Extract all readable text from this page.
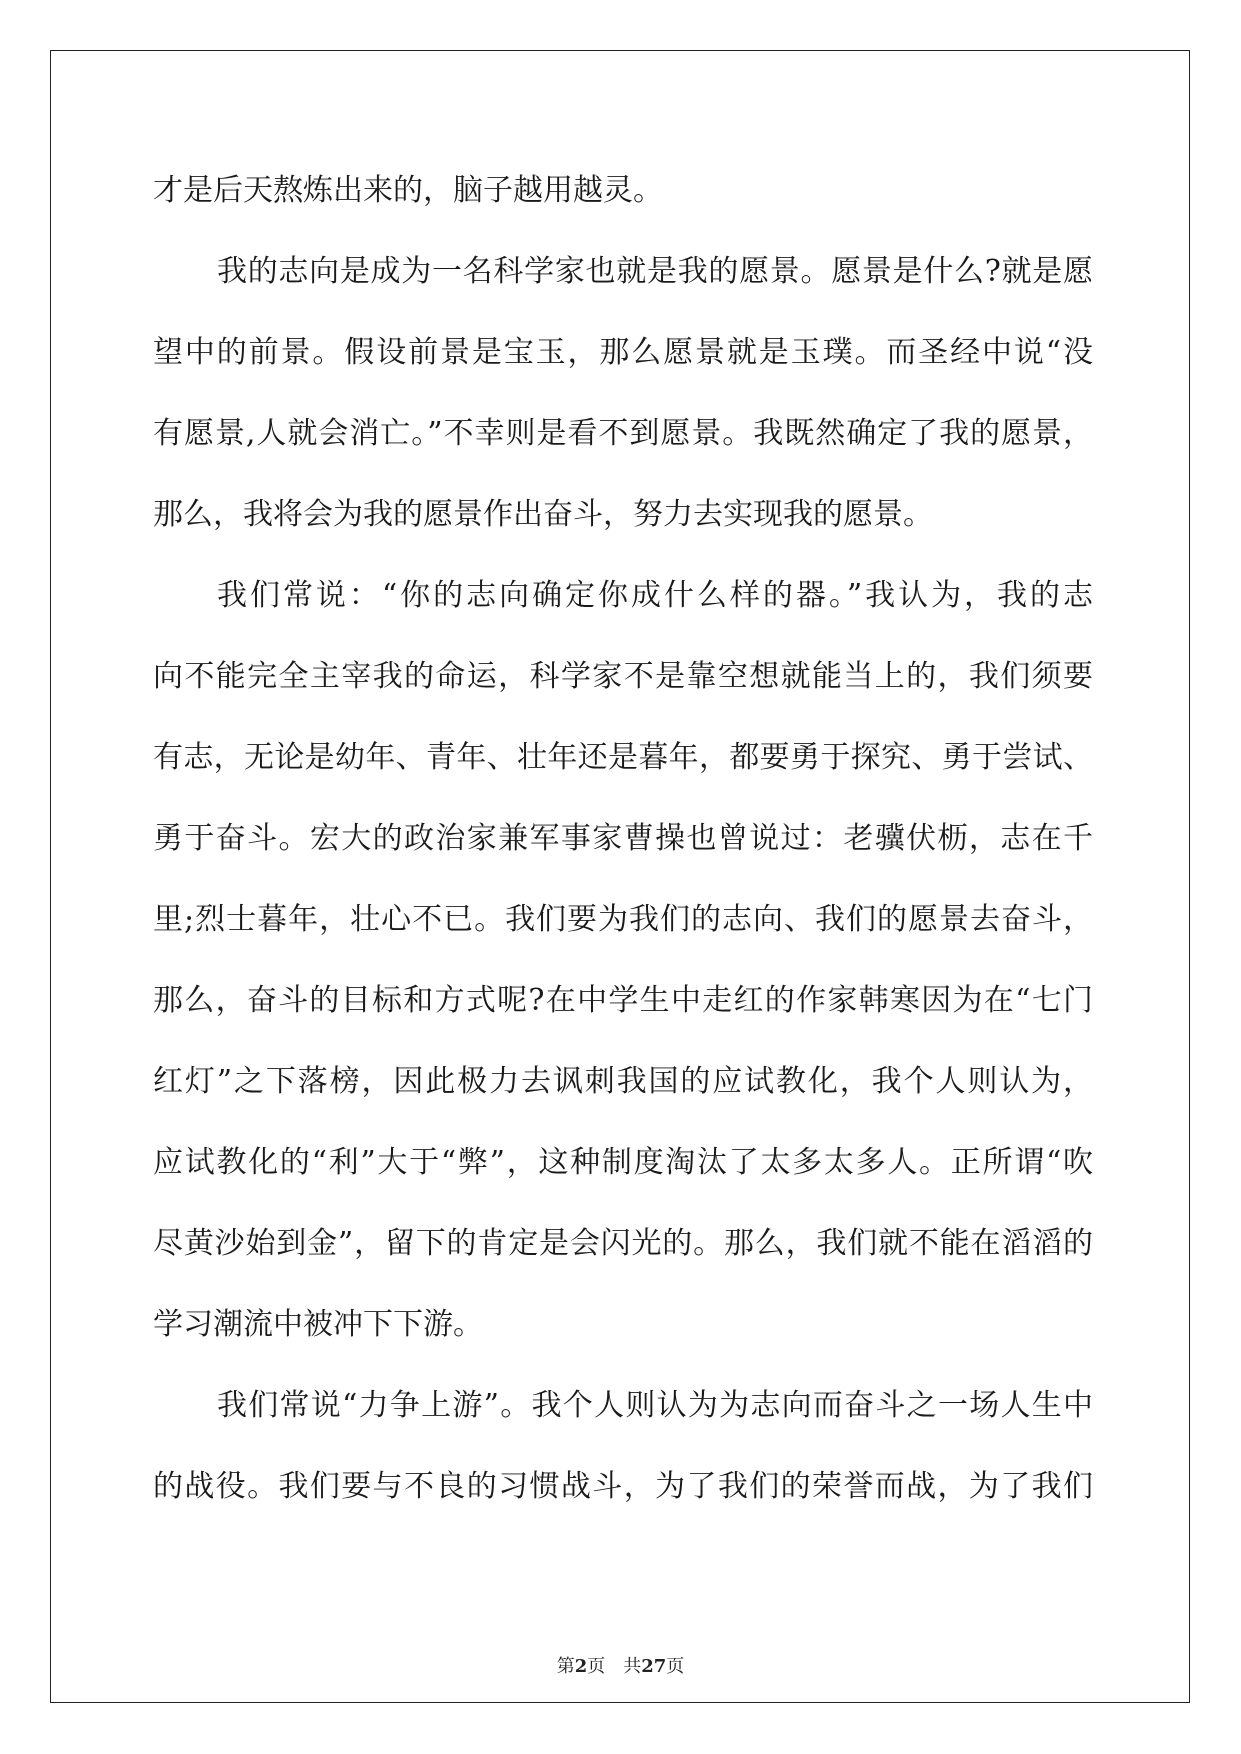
才是后天熬炼出来的，脑子越用越灵。
我的志向是成为一名科学家也就是我的愿景。愿景是什么?就是愿
望中的前景。假设前景是宝玉，那么愿景就是玉璞。而圣经中说“没
有愿景,人就会消亡。”不幸则是看不到愿景。我既然确定了我的愿景，
那么，我将会为我的愿景作出奋斗，努力去实现我的愿景。
我们常说：“你的志向确定你成什么样的器。”我认为，我的志
向不能完全主宰我的命运，科学家不是靠空想就能当上的，我们须要
有志，无论是幼年、青年、壮年还是暮年，都要勇于探究、勇于尝试、
勇于奋斗。宏大的政治家兼军事家曹操也曾说过：老骥伏枥，志在千
里;烈士暮年，壮心不已。我们要为我们的志向、我们的愿景去奋斗，
那么，奋斗的目标和方式呢?在中学生中走红的作家韩寒因为在“七门
红灯”之下落榜，因此极力去讽刺我国的应试教化，我个人则认为，
应试教化的“利”大于“弊”，这种制度淘汰了太多太多人。正所谓“吹
尽黄沙始到金”，留下的肯定是会闪光的。那么，我们就不能在滔滔的
学习潮流中被冲下下游。
我们常说“力争上游”。我个人则认为为志向而奋斗之一场人生中
的战役。我们要与不良的习惯战斗，为了我们的荣誉而战，为了我们
第2页 共27页
